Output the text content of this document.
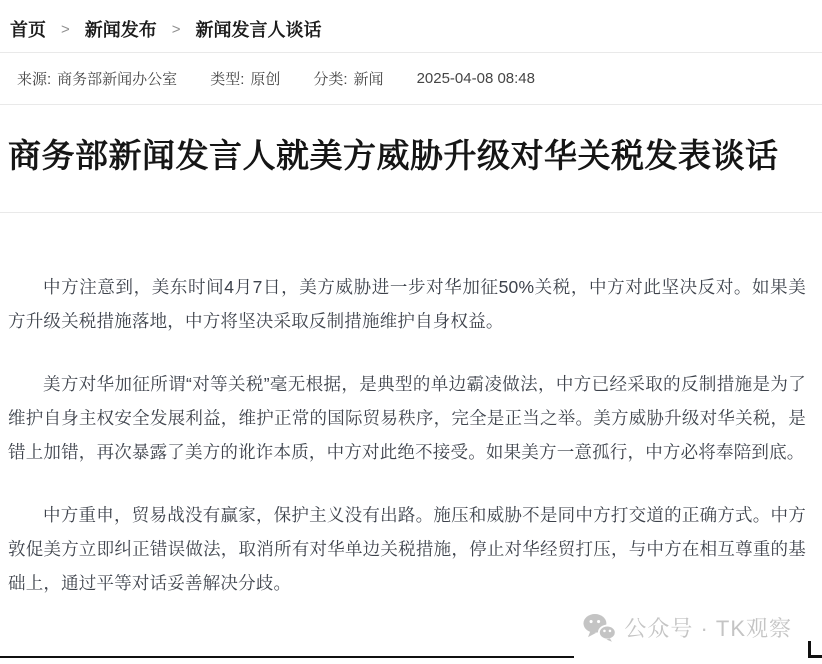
首页 > 新闻发布 > 新闻发言人谈话
来源: 商务部新闻办公室 类型: 原创 分类: 新闻 2025-04-08 08:48
商务部新闻发言人就美方威胁升级对华关税发表谈话

中方注意到，美东时间4月7日，美方威胁进一步对华加征50%关税，中方对此坚决反对。如果美方升级关税措施落地，中方将坚决采取反制措施维护自身权益。

美方对华加征所谓“对等关税”毫无根据，是典型的单边霸凌做法，中方已经采取的反制措施是为了维护自身主权安全发展利益，维护正常的国际贸易秩序，完全是正当之举。美方威胁升级对华关税，是错上加错，再次暴露了美方的讹诈本质，中方对此绝不接受。如果美方一意孤行，中方必将奉陪到底。

中方重申，贸易战没有赢家，保护主义没有出路。施压和威胁不是同中方打交道的正确方式。中方敦促美方立即纠正错误做法，取消所有对华单边关税措施，停止对华经贸打压，与中方在相互尊重的基础上，通过平等对话妥善解决分歧。

公众号 · TK观察
